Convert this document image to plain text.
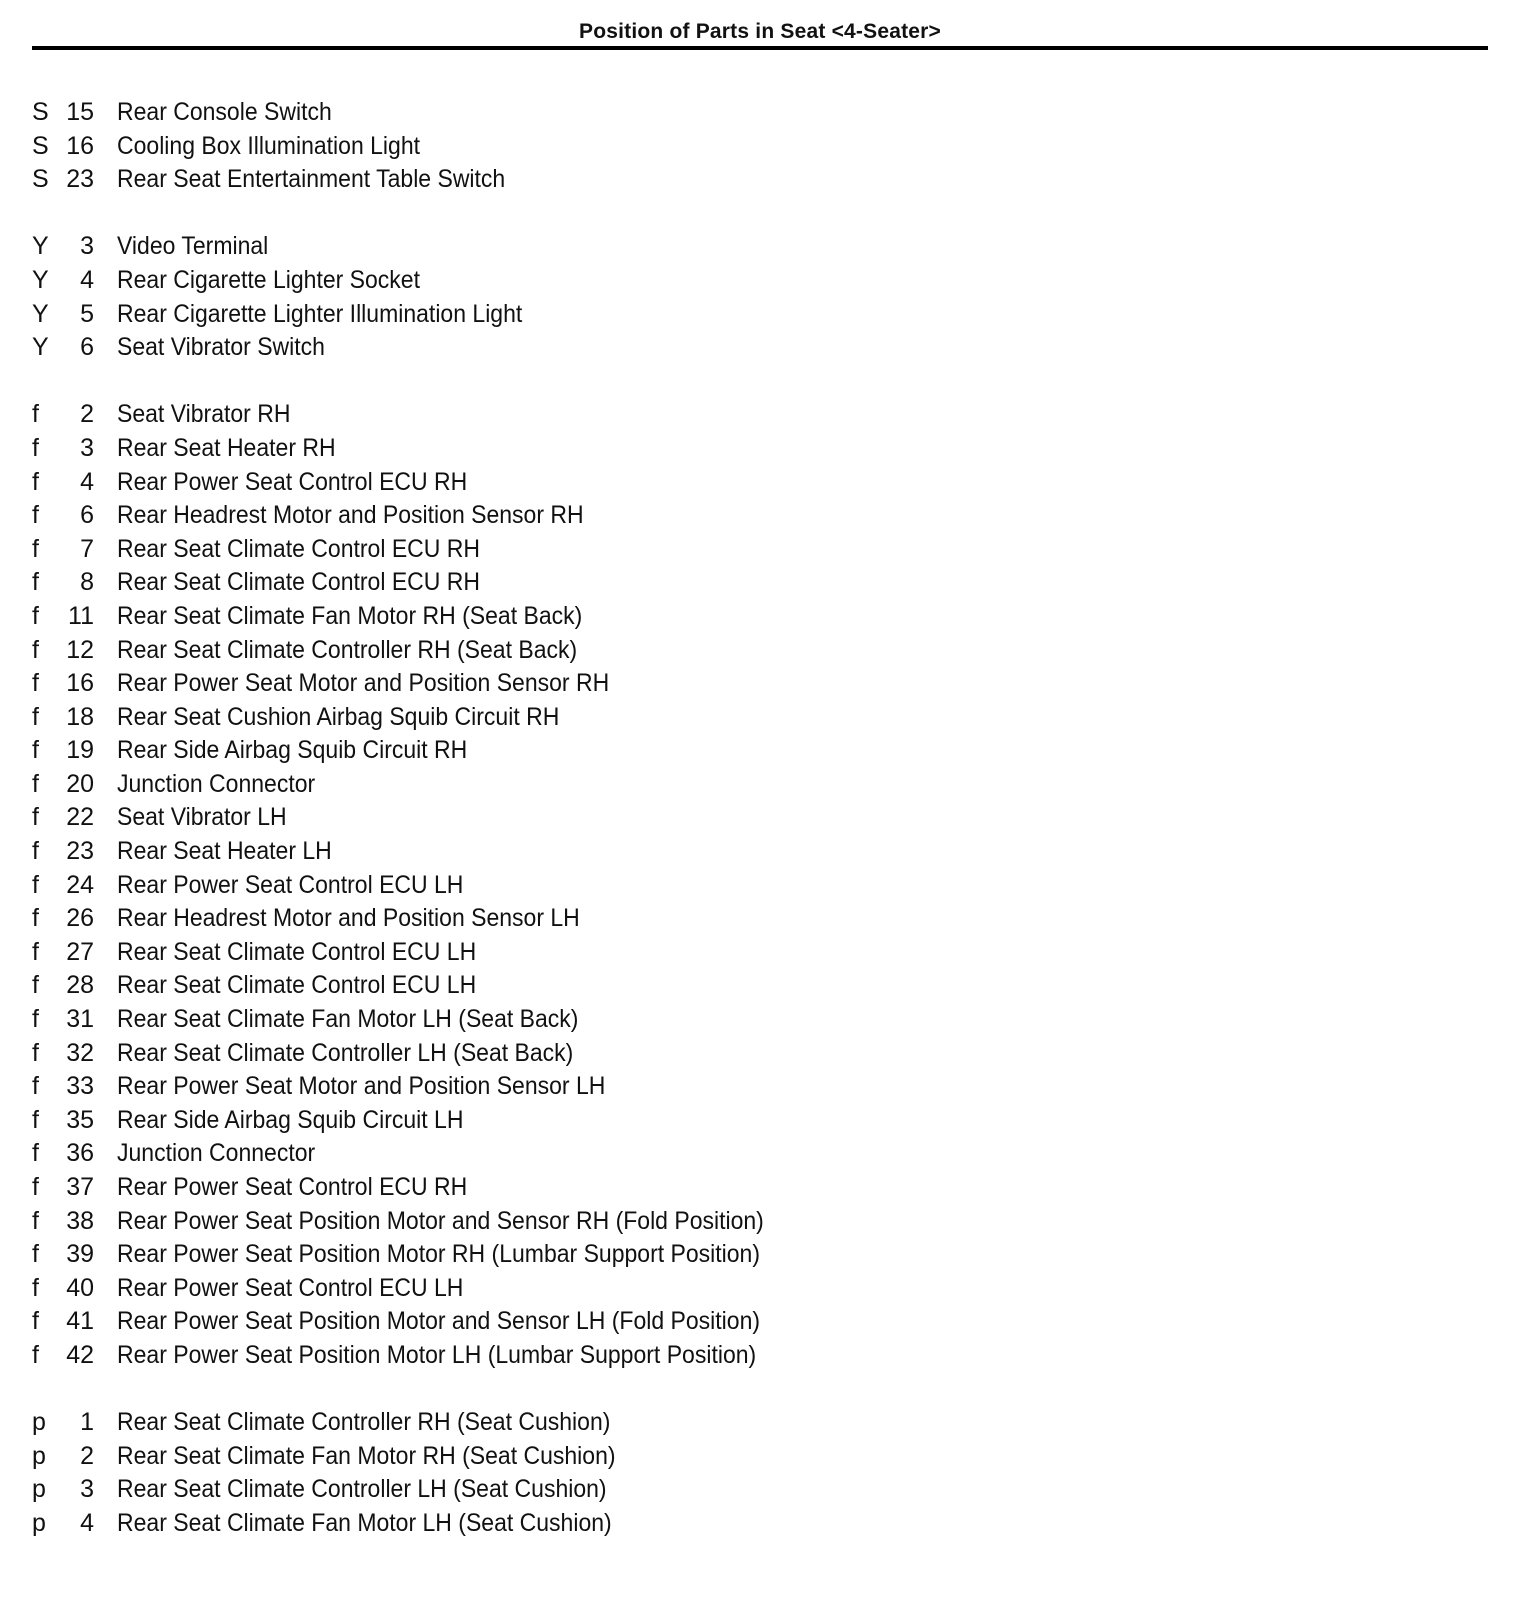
Position of Parts in Seat <4-Seater>
S 15 Rear Console Switch
S 16 Cooling Box Illumination Light
S 23 Rear Seat Entertainment Table Switch
Y	3 Video Terminal
Y	4 Rear Cigarette Lighter Socket
Y	5 Rear Cigarette Lighter Illumination Light
Y	6 Seat Vibrator Switch
f	2 Seat Vibrator RH
f	3 Rear Seat Heater RH
f	4 Rear Power Seat Control ECU RH
f	6 Rear Headrest Motor and Position Sensor RH
f	7 Rear Seat Climate Control ECU RH
f	8 Rear Seat Climate Control ECU RH
f	11 Rear Seat Climate Fan Motor RH (Seat Back)
f	12 Rear Seat Climate Controller RH (Seat Back)
f	16 Rear Power Seat Motor and Position Sensor RH
f	18 Rear Seat Cushion Airbag Squib Circuit RH
f	19 Rear Side Airbag Squib Circuit RH
f	20 Junction Connector
f	22 Seat Vibrator LH
f	23 Rear Seat Heater LH
f	24 Rear Power Seat Control ECU LH
f	26 Rear Headrest Motor and Position Sensor LH
f	27 Rear Seat Climate Control ECU LH
f	28 Rear Seat Climate Control ECU LH
f	31 Rear Seat Climate Fan Motor LH (Seat Back)
f	32 Rear Seat Climate Controller LH (Seat Back)
f	33 Rear Power Seat Motor and Position Sensor LH
f	35 Rear Side Airbag Squib Circuit LH
f	36 Junction Connector
f	37 Rear Power Seat Control ECU RH
f	38 Rear Power Seat Position Motor and Sensor RH (Fold Position)
f	39 Rear Power Seat Position Motor RH (Lumbar Support Position)
f	40 Rear Power Seat Control ECU LH
f	41 Rear Power Seat Position Motor and Sensor LH (Fold Position)
f	42 Rear Power Seat Position Motor LH (Lumbar Support Position)
p	1 Rear Seat Climate Controller RH (Seat Cushion)
p	2 Rear Seat Climate Fan Motor RH (Seat Cushion)
p	3 Rear Seat Climate Controller LH (Seat Cushion)
p	4 Rear Seat Climate Fan Motor LH (Seat Cushion)
